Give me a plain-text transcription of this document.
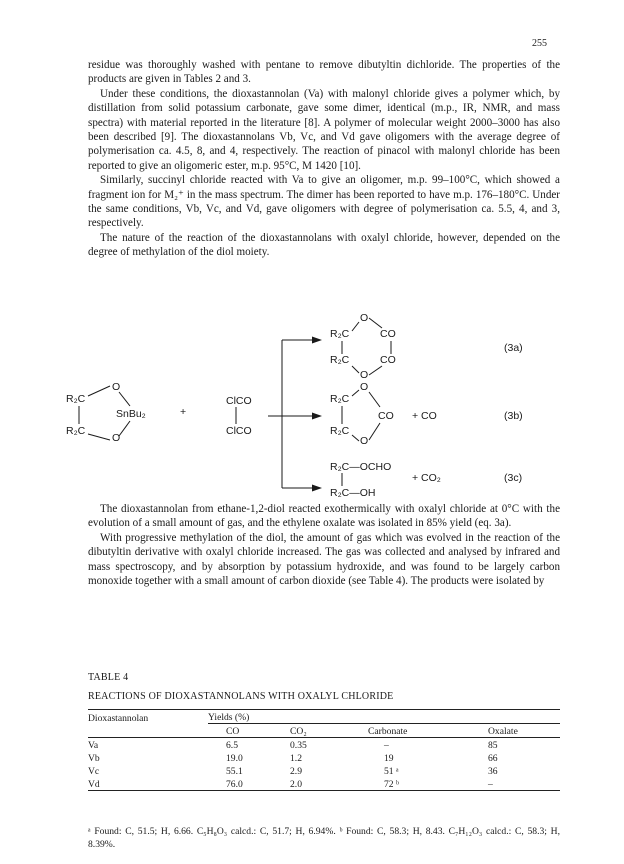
255

residue was thoroughly washed with pentane to remove dibutyltin dichloride. The properties of the products are given in Tables 2 and 3.

Under these conditions, the dioxastannolan (Va) with malonyl chloride gives a polymer which, by distillation from solid potassium carbonate, gave some dimer, identical (m.p., IR, NMR, and mass spectra) with material reported in the literature [8]. A polymer of molecular weight 2000–3000 has also been described [9]. The dioxastannolans Vb, Vc, and Vd gave oligomers with the average degree of polymerisation ca. 4.5, 8, and 4, respectively. The reaction of pinacol with malonyl chloride has been reported to give an oligomeric ester, m.p. 95°C, M 1420 [10].

Similarly, succinyl chloride reacted with Va to give an oligomer, m.p. 99–100°C, which showed a fragment ion for M₂⁺ in the mass spectrum. The dimer has been reported to have m.p. 176–180°C. Under the same conditions, Vb, Vc, and Vd, gave oligomers with degree of polymerisation ca. 5.5, 4, and 3, respectively.

The nature of the reaction of the dioxastannolans with oxalyl chloride, however, depended on the degree of methylation of the diol moiety.

R₂C
O
SnBu₂
O
R₂C
+
ClCO
ClCO
R₂C
O
CO
R₂C
O
CO
(3a)
R₂C
O
CO
R₂C
O
+ CO	(3b)
R₂C—OCHO
R₂C—OH
+ CO₂	(3c)

The dioxastannolan from ethane-1,2-diol reacted exothermically with oxalyl chloride at 0°C with the evolution of a small amount of gas, and the ethylene oxalate was isolated in 85% yield (eq. 3a).

With progressive methylation of the diol, the amount of gas which was evolved in the reaction of the dibutyltin derivative with oxalyl chloride increased. The gas was collected and analysed by infrared and mass spectroscopy, and by absorption by potassium hydroxide, and was found to be largely carbon monoxide together with a small amount of carbon dioxide (see Table 4). The products were isolated by

TABLE 4
REACTIONS OF DIOXASTANNOLANS WITH OXALYL CHLORIDE
Dioxastannolan	Yields (%)			
	CO	CO₂	Carbonate	Oxalate
Va	6.5	0.35	–	85
Vb	19.0	1.2	19	66
Vc	55.1	2.9	51 ᵃ	36
Vd	76.0	2.0	72 ᵇ	–
ᵃ Found: C, 51.5; H, 6.66. C₅H₈O₃ calcd.: C, 51.7; H, 6.94%. ᵇ Found: C, 58.3; H, 8.43. C₇H₁₂O₃ calcd.: C, 58.3; H, 8.39%.
